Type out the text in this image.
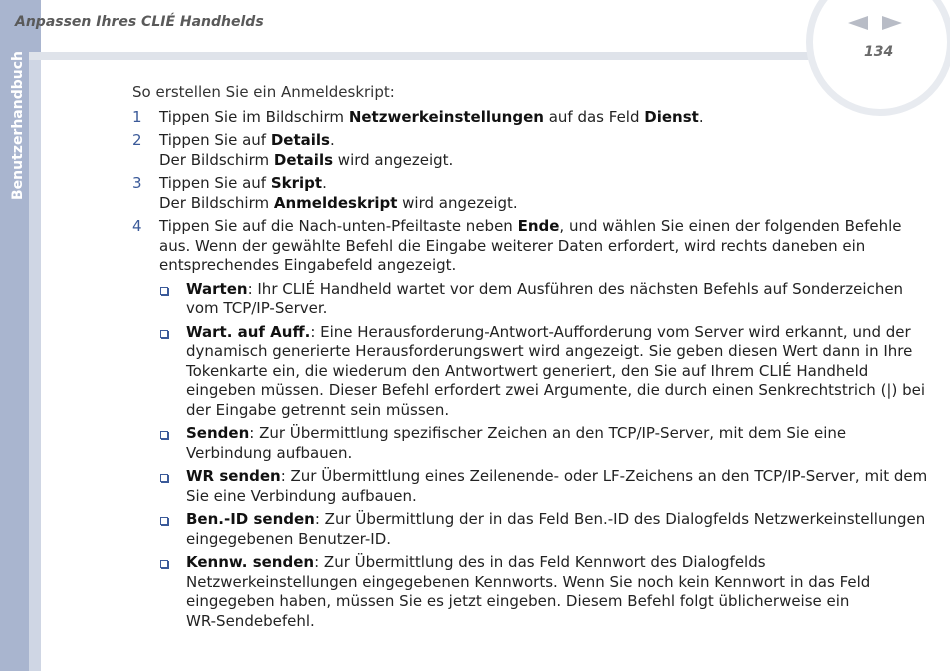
Benutzerhandbuch
Anpassen Ihres CLIÉ Handhelds
134

So erstellen Sie ein Anmeldeskript:

1 Tippen Sie im Bildschirm Netzwerkeinstellungen auf das Feld Dienst.
2 Tippen Sie auf Details.
Der Bildschirm Details wird angezeigt.
3 Tippen Sie auf Skript.
Der Bildschirm Anmeldeskript wird angezeigt.
4 Tippen Sie auf die Nach-unten-Pfeiltaste neben Ende, und wählen Sie einen der folgenden Befehle aus. Wenn der gewählte Befehl die Eingabe weiterer Daten erfordert, wird rechts daneben ein entsprechendes Eingabefeld angezeigt.
Warten: Ihr CLIÉ Handheld wartet vor dem Ausführen des nächsten Befehls auf Sonderzeichen vom TCP/IP-Server.
Wart. auf Auff.: Eine Herausforderung-Antwort-Aufforderung vom Server wird erkannt, und der dynamisch generierte Herausforderungswert wird angezeigt. Sie geben diesen Wert dann in Ihre Tokenkarte ein, die wiederum den Antwortwert generiert, den Sie auf Ihrem CLIÉ Handheld eingeben müssen. Dieser Befehl erfordert zwei Argumente, die durch einen Senkrechtstrich (|) bei der Eingabe getrennt sein müssen.
Senden: Zur Übermittlung spezifischer Zeichen an den TCP/IP-Server, mit dem Sie eine Verbindung aufbauen.
WR senden: Zur Übermittlung eines Zeilenende- oder LF-Zeichens an den TCP/IP-Server, mit dem Sie eine Verbindung aufbauen.
Ben.-ID senden: Zur Übermittlung der in das Feld Ben.-ID des Dialogfelds Netzwerkeinstellungen eingegebenen Benutzer-ID.
Kennw. senden: Zur Übermittlung des in das Feld Kennwort des Dialogfelds Netzwerkeinstellungen eingegebenen Kennworts. Wenn Sie noch kein Kennwort in das Feld eingegeben haben, müssen Sie es jetzt eingeben. Diesem Befehl folgt üblicherweise ein
WR-Sendebefehl.
